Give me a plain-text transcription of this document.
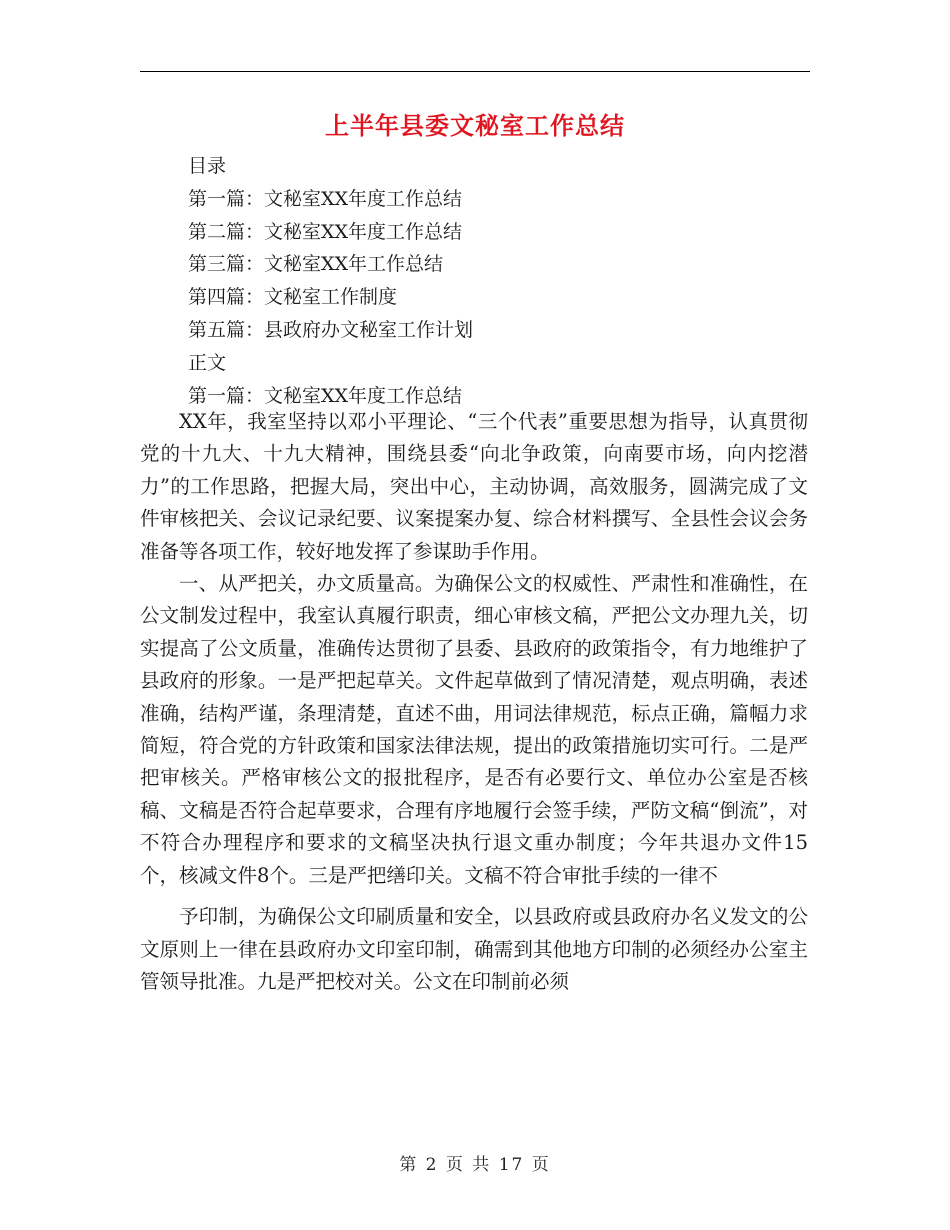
上半年县委文秘室工作总结
目录
第一篇：文秘室XX年度工作总结
第二篇：文秘室XX年度工作总结
第三篇：文秘室XX年工作总结
第四篇：文秘室工作制度
第五篇：县政府办文秘室工作计划
正文
第一篇：文秘室XX年度工作总结

XX年，我室坚持以邓小平理论、“三个代表”重要思想为指导，认真贯彻党的十九大、十九大精神，围绕县委“向北争政策，向南要市场，向内挖潜力”的工作思路，把握大局，突出中心，主动协调，高效服务，圆满完成了文件审核把关、会议记录纪要、议案提案办复、综合材料撰写、全县性会议会务准备等各项工作，较好地发挥了参谋助手作用。

一、从严把关，办文质量高。为确保公文的权威性、严肃性和准确性，在公文制发过程中，我室认真履行职责，细心审核文稿，严把公文办理九关，切实提高了公文质量，准确传达贯彻了县委、县政府的政策指令，有力地维护了县政府的形象。一是严把起草关。文件起草做到了情况清楚，观点明确，表述准确，结构严谨，条理清楚，直述不曲，用词法律规范，标点正确，篇幅力求简短，符合党的方针政策和国家法律法规，提出的政策措施切实可行。二是严把审核关。严格审核公文的报批程序，是否有必要行文、单位办公室是否核稿、文稿是否符合起草要求，合理有序地履行会签手续，严防文稿“倒流”，对不符合办理程序和要求的文稿坚决执行退文重办制度；今年共退办文件15个，核减文件8个。三是严把缮印关。文稿不符合审批手续的一律不

予印制，为确保公文印刷质量和安全，以县政府或县政府办名义发文的公文原则上一律在县政府办文印室印制，确需到其他地方印制的必须经办公室主管领导批准。九是严把校对关。公文在印制前必须

第 2 页 共 17 页
